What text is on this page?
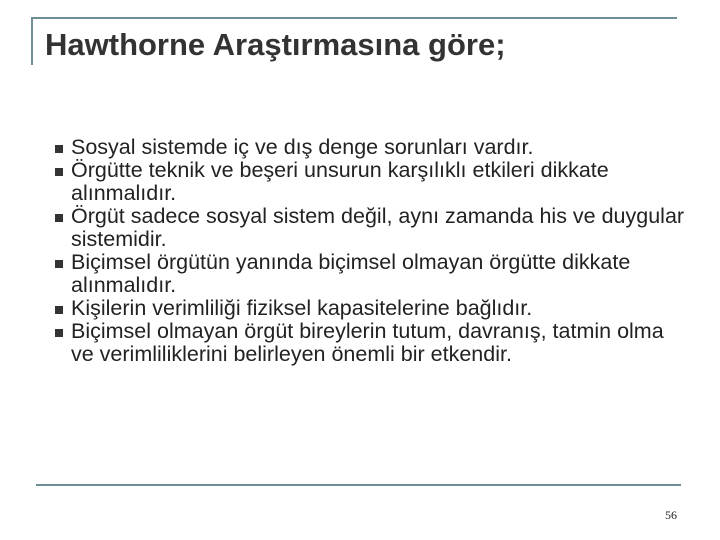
Hawthorne Araştırmasına göre;
Sosyal sistemde iç ve dış denge sorunları vardır.
Örgütte teknik ve beşeri unsurun karşılıklı etkileri dikkate alınmalıdır.
Örgüt sadece sosyal sistem değil, aynı zamanda his ve duygular sistemidir.
Biçimsel örgütün yanında biçimsel olmayan örgütte dikkate alınmalıdır.
Kişilerin verimliliği fiziksel kapasitelerine bağlıdır.
Biçimsel olmayan örgüt bireylerin tutum, davranış, tatmin olma ve verimliliklerini belirleyen önemli bir etkendir.
56
